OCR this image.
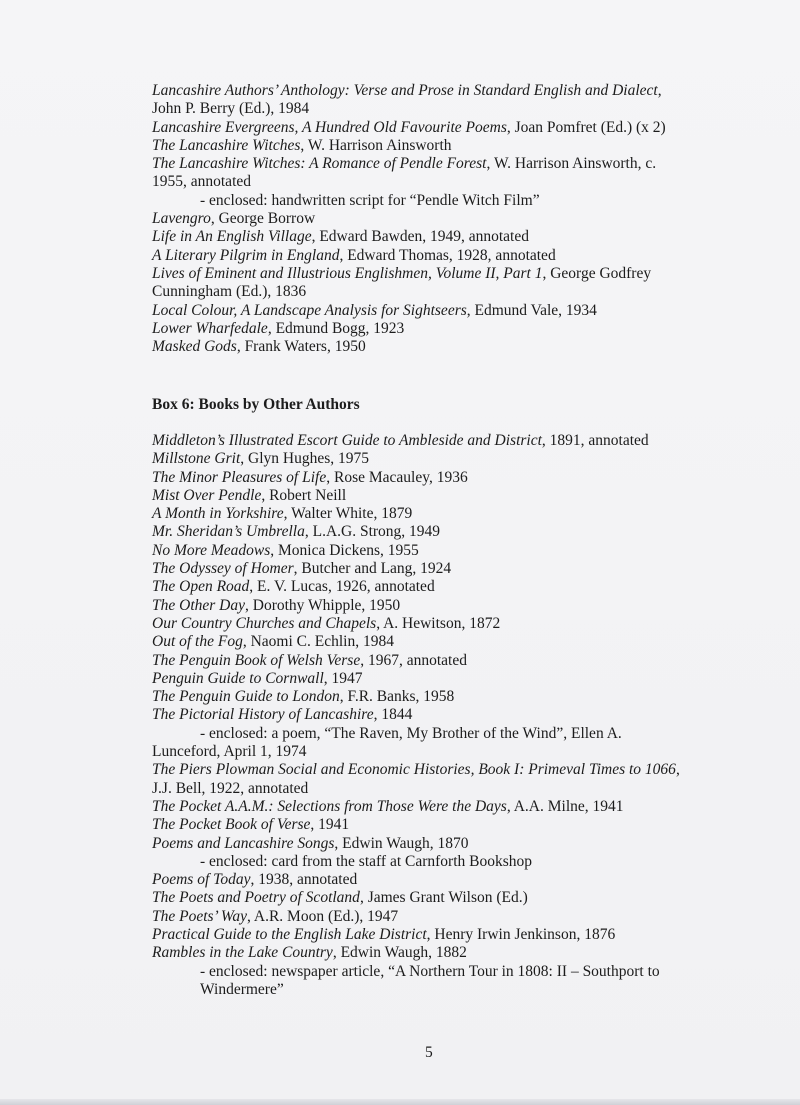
Lancashire Authors’ Anthology: Verse and Prose in Standard English and Dialect,

John P. Berry (Ed.), 1984

Lancashire Evergreens, A Hundred Old Favourite Poems, Joan Pomfret (Ed.) (x 2)

The Lancashire Witches, W. Harrison Ainsworth

The Lancashire Witches: A Romance of Pendle Forest, W. Harrison Ainsworth, c.

1955, annotated

- enclosed: handwritten script for “Pendle Witch Film”

Lavengro, George Borrow

Life in An English Village, Edward Bawden, 1949, annotated

A Literary Pilgrim in England, Edward Thomas, 1928, annotated

Lives of Eminent and Illustrious Englishmen, Volume II, Part 1, George Godfrey

Cunningham (Ed.), 1836

Local Colour, A Landscape Analysis for Sightseers, Edmund Vale, 1934

Lower Wharfedale, Edmund Bogg, 1923

Masked Gods, Frank Waters, 1950

Box 6: Books by Other Authors

Middleton’s Illustrated Escort Guide to Ambleside and District, 1891, annotated

Millstone Grit, Glyn Hughes, 1975

The Minor Pleasures of Life, Rose Macauley, 1936

Mist Over Pendle, Robert Neill

A Month in Yorkshire, Walter White, 1879

Mr. Sheridan’s Umbrella, L.A.G. Strong, 1949

No More Meadows, Monica Dickens, 1955

The Odyssey of Homer, Butcher and Lang, 1924

The Open Road, E. V. Lucas, 1926, annotated

The Other Day, Dorothy Whipple, 1950

Our Country Churches and Chapels, A. Hewitson, 1872

Out of the Fog, Naomi C. Echlin, 1984

The Penguin Book of Welsh Verse, 1967, annotated

Penguin Guide to Cornwall, 1947

The Penguin Guide to London, F.R. Banks, 1958

The Pictorial History of Lancashire, 1844

- enclosed: a poem, “The Raven, My Brother of the Wind”, Ellen A.

Lunceford, April 1, 1974

The Piers Plowman Social and Economic Histories, Book I: Primeval Times to 1066,

J.J. Bell, 1922, annotated

The Pocket A.A.M.: Selections from Those Were the Days, A.A. Milne, 1941

The Pocket Book of Verse, 1941

Poems and Lancashire Songs, Edwin Waugh, 1870

- enclosed: card from the staff at Carnforth Bookshop

Poems of Today, 1938, annotated

The Poets and Poetry of Scotland, James Grant Wilson (Ed.)

The Poets’ Way, A.R. Moon (Ed.), 1947

Practical Guide to the English Lake District, Henry Irwin Jenkinson, 1876

Rambles in the Lake Country, Edwin Waugh, 1882

- enclosed: newspaper article, “A Northern Tour in 1808: II – Southport to

Windermere”

5
